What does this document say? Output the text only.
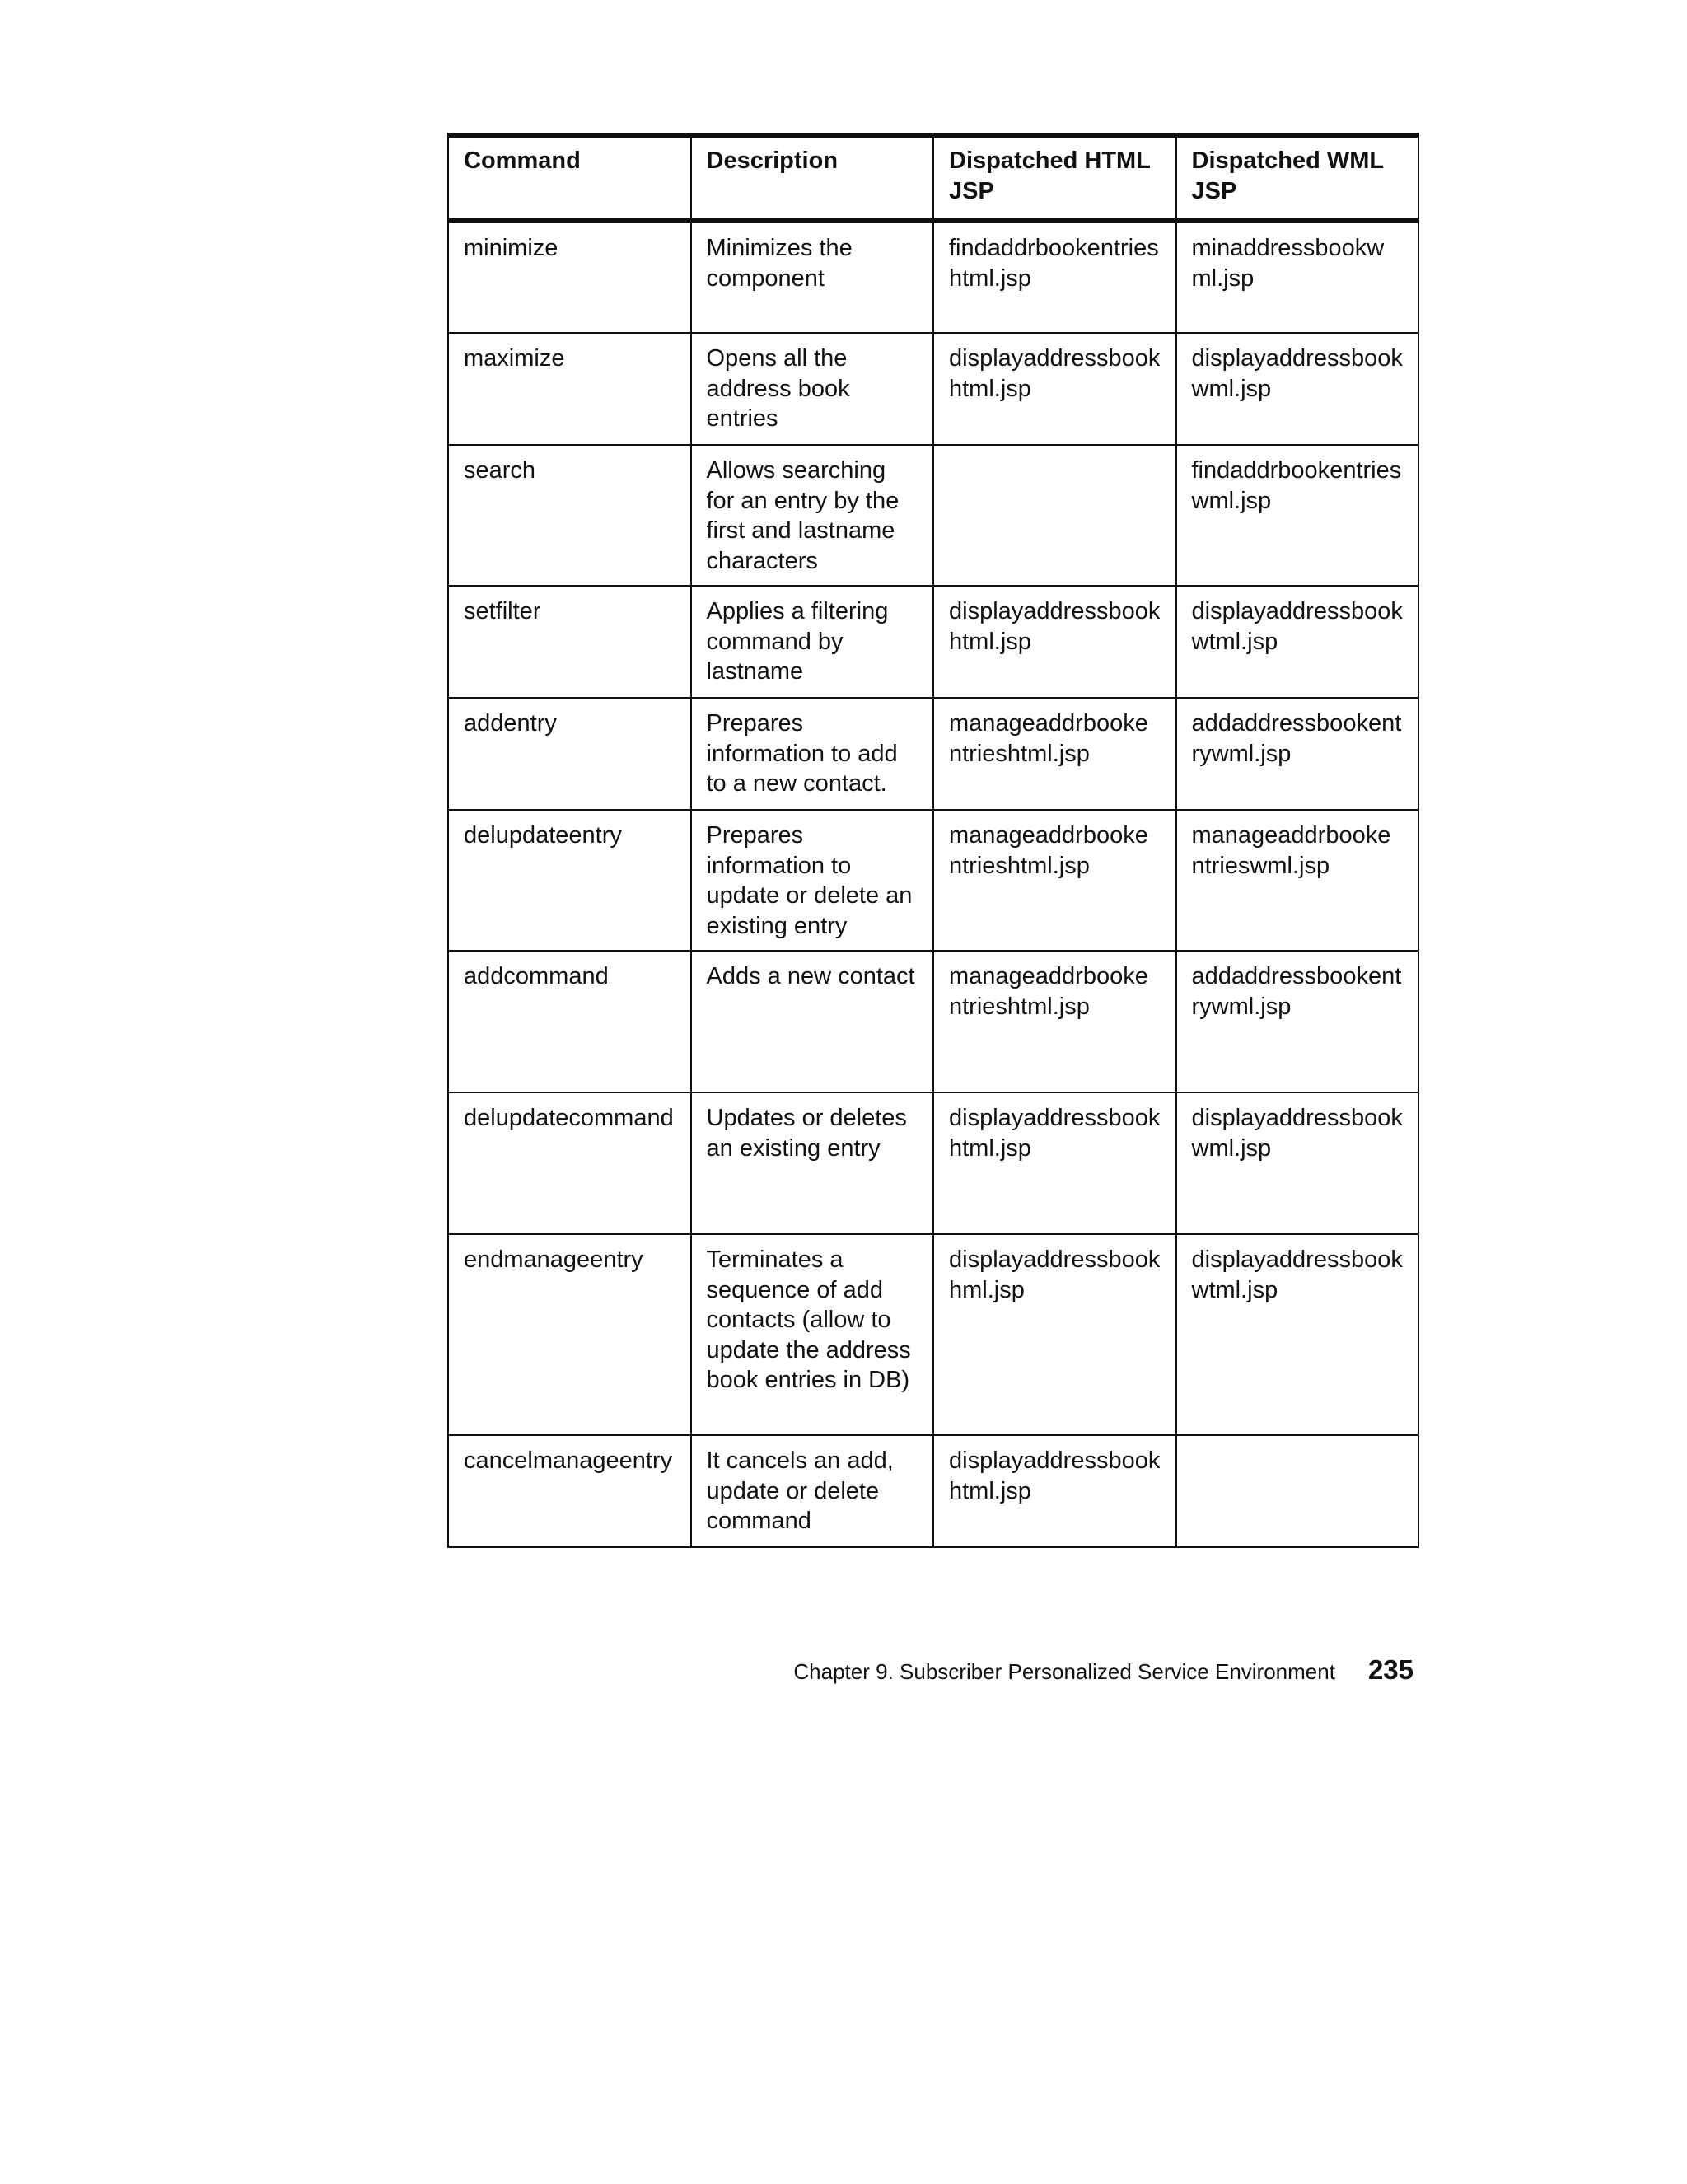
Command	Description	Dispatched HTML JSP	Dispatched WML JSP
minimize	Minimizes the component	findaddrbookentrieshtml.jsp	minaddressbookwml.jsp
maximize	Opens all the address book entries	displayaddressbookhtml.jsp	displayaddressbookwml.jsp
search	Allows searching for an entry by the first and lastname characters		findaddrbookentrieswml.jsp
setfilter	Applies a filtering command by lastname	displayaddressbookhtml.jsp	displayaddressbookwtml.jsp
addentry	Prepares information to add to a new contact.	manageaddrbookentrieshtml.jsp	addaddressbookentrywml.jsp
delupdateentry	Prepares information to update or delete an existing entry	manageaddrbookentrieshtml.jsp	manageaddrbookentrieswml.jsp
addcommand	Adds a new contact	manageaddrbookentrieshtml.jsp	addaddressbookentrywml.jsp
delupdatecommand	Updates or deletes an existing entry	displayaddressbookhtml.jsp	displayaddressbookwml.jsp
endmanageentry	Terminates a sequence of add contacts (allow to update the address book entries in DB)	displayaddressbookhml.jsp	displayaddressbookwtml.jsp
cancelmanageentry	It cancels an add, update or delete command	displayaddressbookhtml.jsp	
Chapter 9. Subscriber Personalized Service Environment 235
